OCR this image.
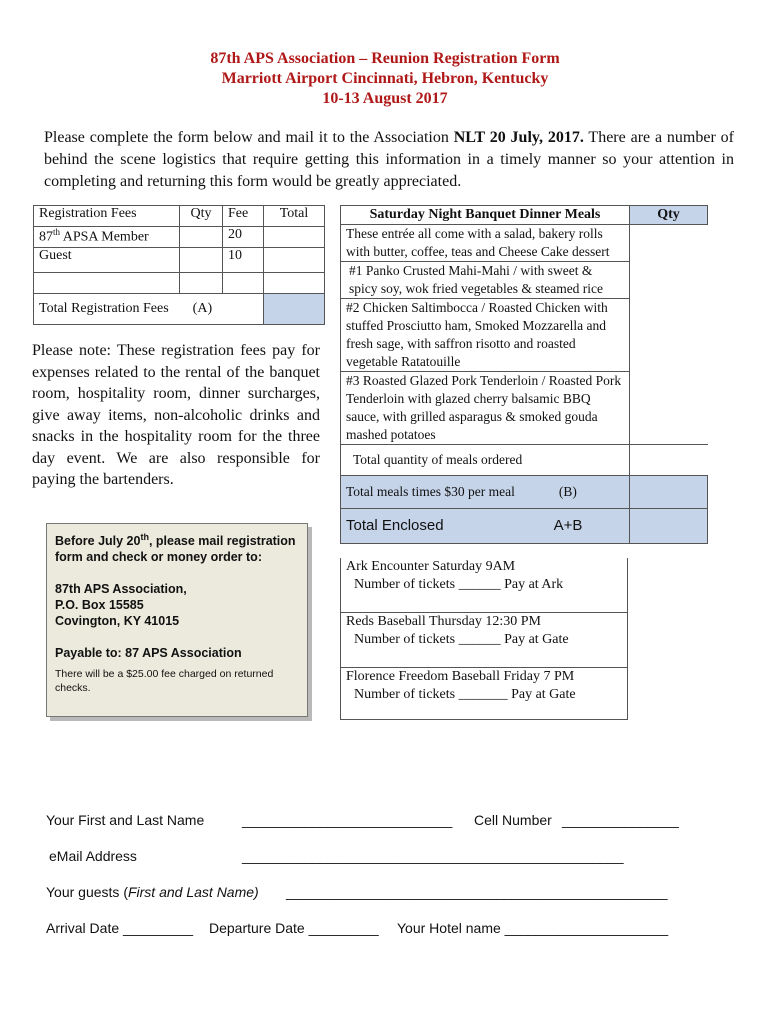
87th APS Association – Reunion Registration Form
Marriott Airport Cincinnati, Hebron, Kentucky
10-13 August 2017
Please complete the form below and mail it to the Association NLT 20 July, 2017. There are a number of behind the scene logistics that require getting this information in a timely manner so your attention in completing and returning this form would be greatly appreciated.
Registration Fees	Qty	Fee	Total
87th APSA Member		20	
Guest		10	

Total Registration Fees (A)			
Please note: These registration fees pay for expenses related to the rental of the banquet room, hospitality room, dinner surcharges, give away items, non-alcoholic drinks and snacks in the hospitality room for the three day event. We are also responsible for paying the bartenders.

Before July 20th, please mail registration form and check or money order to:

87th APS Association,

P.O. Box 15585

Covington, KY 41015

Payable to: 87 APS Association

There will be a $25.00 fee charged on returned checks.

Saturday Night Banquet Dinner Meals	Qty
These entrée all come with a salad, bakery rolls with butter, coffee, teas and Cheese Cake dessert	
#1 Panko Crusted Mahi-Mahi / with sweet & spicy soy, wok fried vegetables & steamed rice	
#2 Chicken Saltimbocca / Roasted Chicken with stuffed Prosciutto ham, Smoked Mozzarella and fresh sage, with saffron risotto and roasted vegetable Ratatouille	
#3 Roasted Glazed Pork Tenderloin / Roasted Pork Tenderloin with glazed cherry balsamic BBQ sauce, with grilled asparagus & smoked gouda mashed potatoes	
Total quantity of meals ordered	
Total meals times $30 per meal (B)	
Total Enclosed A+B	
Ark Encounter Saturday 9AM
Number of tickets ______ Pay at Ark
Reds Baseball Thursday 12:30 PM
Number of tickets ______ Pay at Gate
Florence Freedom Baseball Friday 7 PM
Number of tickets _______ Pay at Gate
Your First and Last Name	___________________________ Cell Number _______________
eMail Address	_________________________________________________
Your guests (First and Last Name) _________________________________________________
Arrival Date _________ Departure Date _________ Your Hotel name _____________________
